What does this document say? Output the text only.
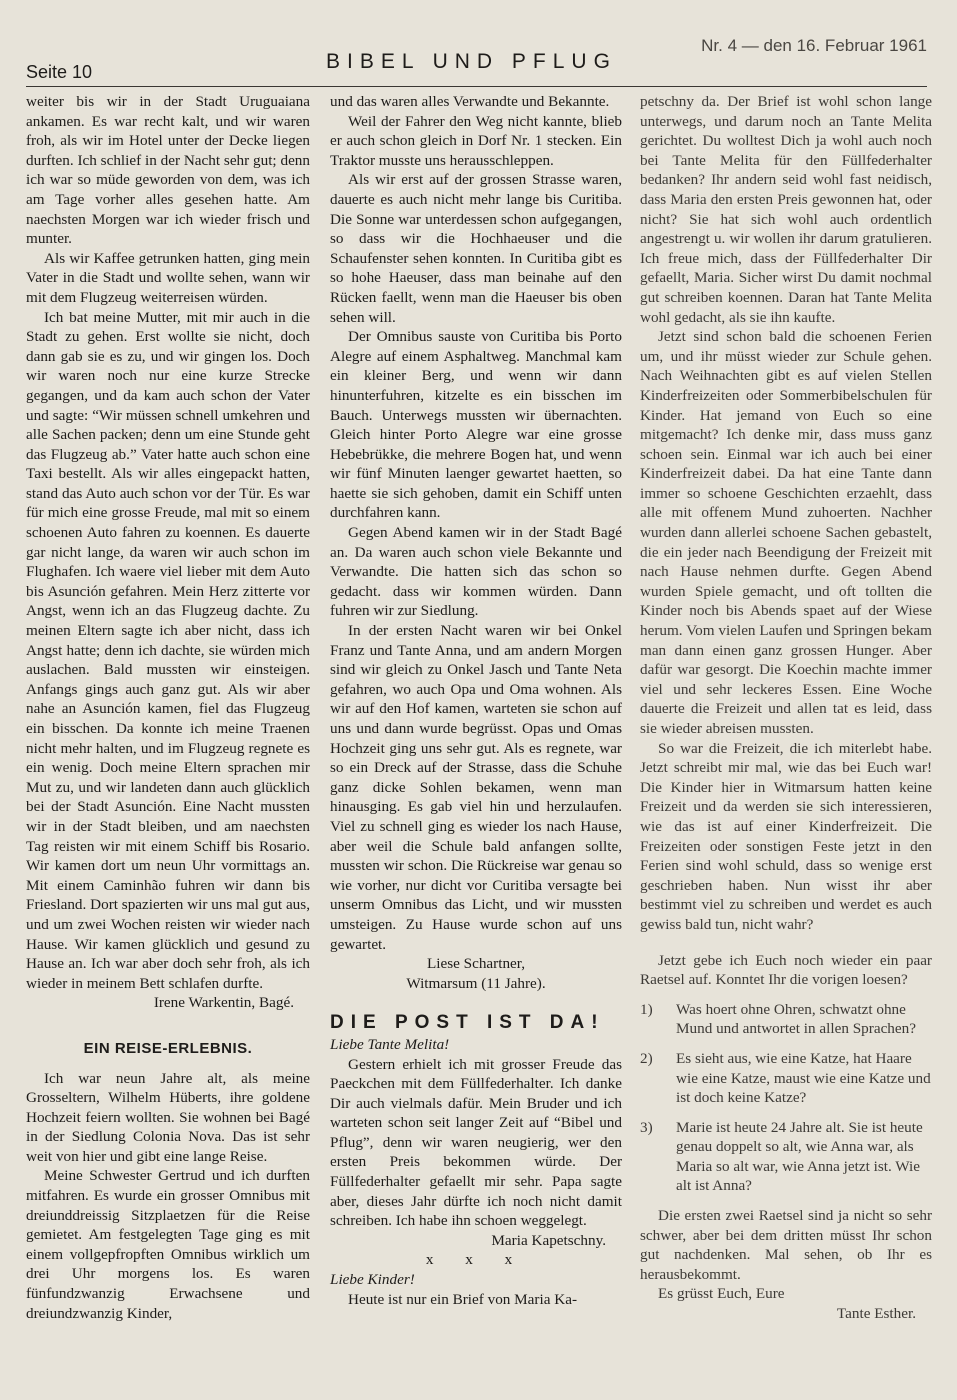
Seite 10	BIBEL UND PFLUG
Nr. 4 — den 16. Februar 1961

weiter bis wir in der Stadt Uruguaiana ankamen. Es war recht kalt, und wir waren froh, als wir im Hotel unter der Decke liegen durften. Ich schlief in der Nacht sehr gut; denn ich war so müde geworden von dem, was ich am Tage vorher alles gesehen hatte. Am naechsten Morgen war ich wieder frisch und munter.

Als wir Kaffee getrunken hatten, ging mein Vater in die Stadt und wollte sehen, wann wir mit dem Flugzeug weiterreisen würden.

Ich bat meine Mutter, mit mir auch in die Stadt zu gehen. Erst wollte sie nicht, doch dann gab sie es zu, und wir gingen los. Doch wir waren noch nur eine kurze Strecke gegangen, und da kam auch schon der Vater und sagte: “Wir müssen schnell umkehren und alle Sachen packen; denn um eine Stunde geht das Flugzeug ab.” Vater hatte auch schon eine Taxi bestellt. Als wir alles eingepackt hatten, stand das Auto auch schon vor der Tür. Es war für mich eine grosse Freude, mal mit so einem schoenen Auto fahren zu koennen. Es dauerte gar nicht lange, da waren wir auch schon im Flughafen. Ich waere viel lieber mit dem Auto bis Asunción gefahren. Mein Herz zitterte vor Angst, wenn ich an das Flugzeug dachte. Zu meinen Eltern sagte ich aber nicht, dass ich Angst hatte; denn ich dachte, sie würden mich auslachen. Bald mussten wir einsteigen. Anfangs gings auch ganz gut. Als wir aber nahe an Asunción kamen, fiel das Flugzeug ein bisschen. Da konnte ich meine Traenen nicht mehr halten, und im Flugzeug regnete es ein wenig. Doch meine Eltern sprachen mir Mut zu, und wir landeten dann auch glücklich bei der Stadt Asunción. Eine Nacht mussten wir in der Stadt bleiben, und am naechsten Tag reisten wir mit einem Schiff bis Rosario. Wir kamen dort um neun Uhr vormittags an. Mit einem Caminhão fuhren wir dann bis Friesland. Dort spazierten wir uns mal gut aus, und um zwei Wochen reisten wir wieder nach Hause. Wir kamen glücklich und gesund zu Hause an. Ich war aber doch sehr froh, als ich wieder in meinem Bett schlafen durfte.

Irene Warkentin, Bagé.

EIN REISE-ERLEBNIS.

Ich war neun Jahre alt, als meine Grosseltern, Wilhelm Hüberts, ihre goldene Hochzeit feiern wollten. Sie wohnen bei Bagé in der Siedlung Colonia Nova. Das ist sehr weit von hier und gibt eine lange Reise.

Meine Schwester Gertrud und ich durften mitfahren. Es wurde ein grosser Omnibus mit dreiunddreissig Sitzplaetzen für die Reise gemietet. Am festgelegten Tage ging es mit einem vollgepfropften Omnibus wirklich um drei Uhr morgens los. Es waren fünfundzwanzig Erwachsene und dreiundzwanzig Kinder,

und das waren alles Verwandte und Bekannte.

Weil der Fahrer den Weg nicht kannte, blieb er auch schon gleich in Dorf Nr. 1 stecken. Ein Traktor musste uns herausschleppen.

Als wir erst auf der grossen Strasse waren, dauerte es auch nicht mehr lange bis Curitiba. Die Sonne war unterdessen schon aufgegangen, so dass wir die Hochhaeuser und die Schaufenster sehen konnten. In Curitiba gibt es so hohe Haeuser, dass man beinahe auf den Rücken faellt, wenn man die Haeuser bis oben sehen will.

Der Omnibus sauste von Curitiba bis Porto Alegre auf einem Asphaltweg. Manchmal kam ein kleiner Berg, und wenn wir dann hinunterfuhren, kitzelte es ein bisschen im Bauch. Unterwegs mussten wir übernachten. Gleich hinter Porto Alegre war eine grosse Hebebrükke, die mehrere Bogen hat, und wenn wir fünf Minuten laenger gewartet haetten, so haette sie sich gehoben, damit ein Schiff unten durchfahren kann.

Gegen Abend kamen wir in der Stadt Bagé an. Da waren auch schon viele Bekannte und Verwandte. Die hatten sich das schon so gedacht. dass wir kommen würden. Dann fuhren wir zur Siedlung.

In der ersten Nacht waren wir bei Onkel Franz und Tante Anna, und am andern Morgen sind wir gleich zu Onkel Jasch und Tante Neta gefahren, wo auch Opa und Oma wohnen. Als wir auf den Hof kamen, warteten sie schon auf uns und dann wurde begrüsst. Opas und Omas Hochzeit ging uns sehr gut. Als es regnete, war so ein Dreck auf der Strasse, dass die Schuhe ganz dicke Sohlen bekamen, wenn man hinausging. Es gab viel hin und herzulaufen. Viel zu schnell ging es wieder los nach Hause, aber weil die Schule bald anfangen sollte, mussten wir schon. Die Rückreise war genau so wie vorher, nur dicht vor Curitiba versagte bei unserm Omnibus das Licht, und wir mussten umsteigen. Zu Hause wurde schon auf uns gewartet.

Liese Schartner,

Witmarsum (11 Jahre).

DIE POST IST DA!

Liebe Tante Melita!

Gestern erhielt ich mit grosser Freude das Paeckchen mit dem Füllfederhalter. Ich danke Dir auch vielmals dafür. Mein Bruder und ich warteten schon seit langer Zeit auf “Bibel und Pflug”, denn wir waren neugierig, wer den ersten Preis bekommen würde. Der Füllfederhalter gefaellt mir sehr. Papa sagte aber, dieses Jahr dürfte ich noch nicht damit schreiben. Ich habe ihn schoen weggelegt.

Maria Kapetschny.

x x x

Liebe Kinder!

Heute ist nur ein Brief von Maria Ka-

petschny da. Der Brief ist wohl schon lange unterwegs, und darum noch an Tante Melita gerichtet. Du wolltest Dich ja wohl auch noch bei Tante Melita für den Füllfederhalter bedanken? Ihr andern seid wohl fast neidisch, dass Maria den ersten Preis gewonnen hat, oder nicht? Sie hat sich wohl auch ordentlich angestrengt u. wir wollen ihr darum gratulieren. Ich freue mich, dass der Füllfederhalter Dir gefaellt, Maria. Sicher wirst Du damit nochmal gut schreiben koennen. Daran hat Tante Melita wohl gedacht, als sie ihn kaufte.

Jetzt sind schon bald die schoenen Ferien um, und ihr müsst wieder zur Schule gehen. Nach Weihnachten gibt es auf vielen Stellen Kinderfreizeiten oder Sommerbibelschulen für Kinder. Hat jemand von Euch so eine mitgemacht? Ich denke mir, dass muss ganz schoen sein. Einmal war ich auch bei einer Kinderfreizeit dabei. Da hat eine Tante dann immer so schoene Geschichten erzaehlt, dass alle mit offenem Mund zuhoerten. Nachher wurden dann allerlei schoene Sachen gebastelt, die ein jeder nach Beendigung der Freizeit mit nach Hause nehmen durfte. Gegen Abend wurden Spiele gemacht, und oft tollten die Kinder noch bis Abends spaet auf der Wiese herum. Vom vielen Laufen und Springen bekam man dann einen ganz grossen Hunger. Aber dafür war gesorgt. Die Koechin machte immer viel und sehr leckeres Essen. Eine Woche dauerte die Freizeit und allen tat es leid, dass sie wieder abreisen mussten.

So war die Freizeit, die ich miterlebt habe. Jetzt schreibt mir mal, wie das bei Euch war! Die Kinder hier in Witmarsum hatten keine Freizeit und da werden sie sich interessieren, wie das ist auf einer Kinderfreizeit. Die Freizeiten oder sonstigen Feste jetzt in den Ferien sind wohl schuld, dass so wenige erst geschrieben haben. Nun wisst ihr aber bestimmt viel zu schreiben und werdet es auch gewiss bald tun, nicht wahr?

Jetzt gebe ich Euch noch wieder ein paar Raetsel auf. Konntet Ihr die vorigen loesen?

1)	Was hoert ohne Ohren, schwatzt ohne Mund und antwortet in allen Sprachen?
2)	Es sieht aus, wie eine Katze, hat Haare wie eine Katze, maust wie eine Katze und ist doch keine Katze?
3)	Marie ist heute 24 Jahre alt. Sie ist heute genau doppelt so alt, wie Anna war, als Maria so alt war, wie Anna jetzt ist. Wie alt ist Anna?

Die ersten zwei Raetsel sind ja nicht so sehr schwer, aber bei dem dritten müsst Ihr schon gut nachdenken. Mal sehen, ob Ihr es herausbekommt.

Es grüsst Euch, Eure

Tante Esther.
